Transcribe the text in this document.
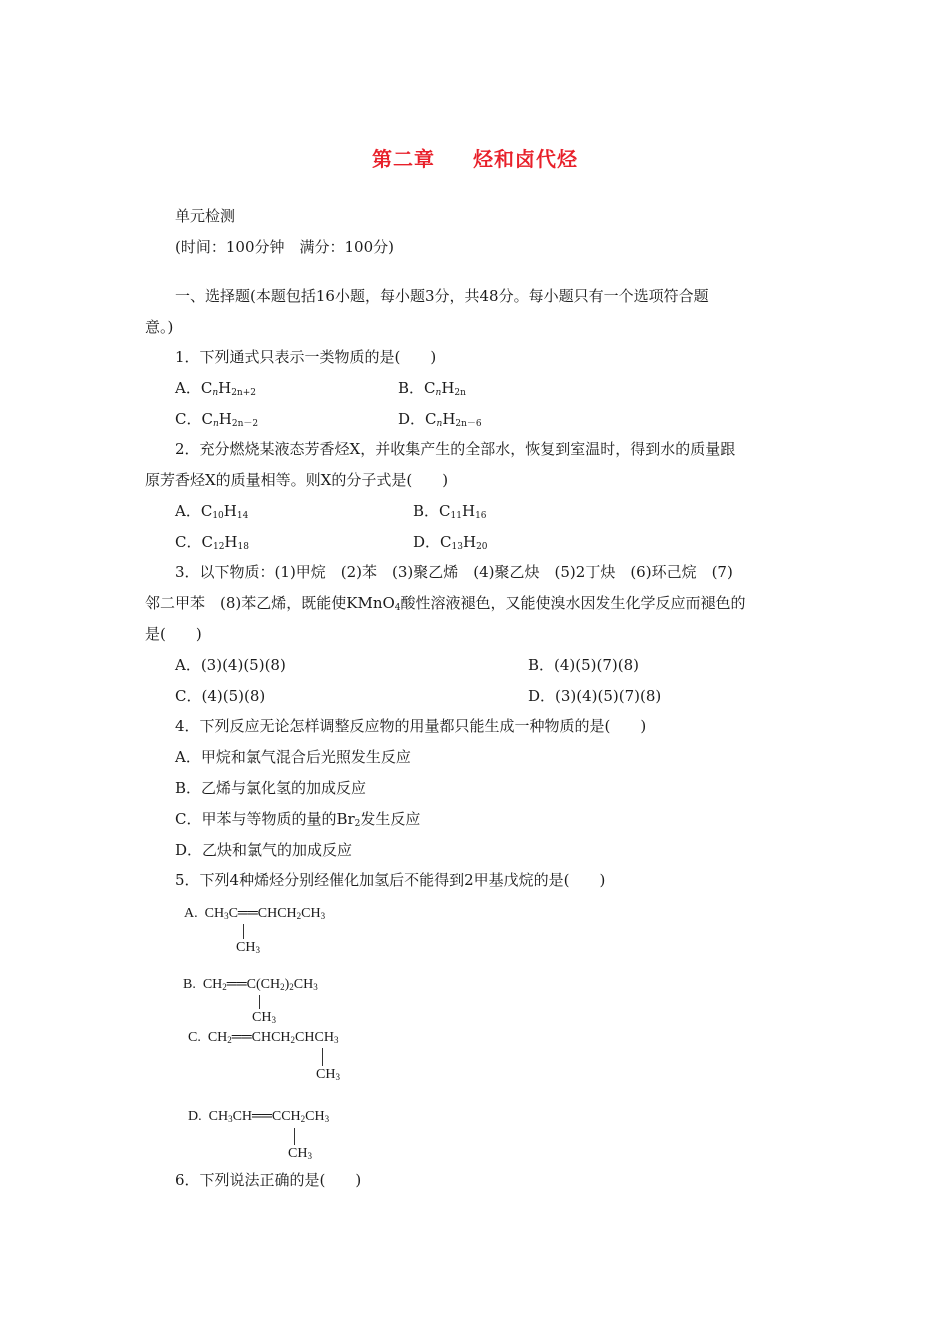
第二章 烃和卤代烃
单元检测
(时间：100分钟　满分：100分)
一、选择题(本题包括16小题，每小题3分，共48分。每小题只有一个选项符合题
意。)
1．下列通式只表示一类物质的是(　　)
A．$C_nH_{2n+2}$	B．$C_nH_{2n}$
C．$C_nH_{2n-2}$	D．$C_nH_{2n-6}$
2．充分燃烧某液态芳香烃X，并收集产生的全部水，恢复到室温时，得到水的质量跟
原芳香烃X的质量相等。则X的分子式是(　　)
A．$C_{10}H_{14}$	B．$C_{11}H_{16}$
C．$C_{12}H_{18}$	D．$C_{13}H_{20}$
3．以下物质：(1)甲烷　(2)苯　(3)聚乙烯　(4)聚乙炔　(5)2丁炔　(6)环己烷　(7)
邻二甲苯　(8)苯乙烯，既能使KMnO$_4$酸性溶液褪色，又能使溴水因发生化学反应而褪色的
是(　　)
A．(3)(4)(5)(8)	B．(4)(5)(7)(8)
C．(4)(5)(8)	D．(3)(4)(5)(7)(8)
4．下列反应无论怎样调整反应物的用量都只能生成一种物质的是(　　)
A．甲烷和氯气混合后光照发生反应
B．乙烯与氯化氢的加成反应
C．甲苯与等物质的量的$Br_2$发生反应
D．乙炔和氯气的加成反应
5．下列4种烯烃分别经催化加氢后不能得到2甲基戊烷的是(　　)
A. $CH_3C══CHCH_2CH_3$
$CH_3$
B. $CH_2══C(CH_2)_2CH_3$
$CH_3$
C. $CH_2══CHCH_2CHCH_3$
$CH_3$
D. $CH_3CH══CCH_2CH_3$
$CH_3$
6．下列说法正确的是(　　)
